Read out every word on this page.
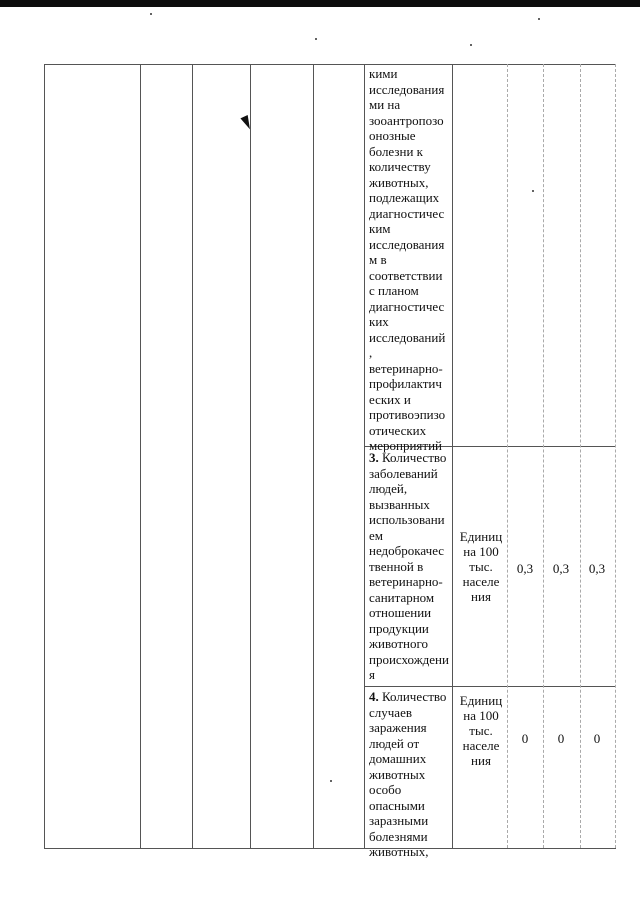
кими
исследования
ми на
зооантропозо
онозные
болезни к
количеству
животных,
подлежащих
диагностичес
ким
исследования
м в
соответствии
с планом
диагностичес
ких
исследований
,
ветеринарно-
профилактич
еских и
противоэпизо
отических
мероприятий
3. Количество
заболеваний
людей,
вызванных
использовани
ем
недоброкачес
твенной в
ветеринарно-
санитарном
отношении
продукции
животного
происхождени
я
Единиц
на 100
тыс.
населе
ния
0,3	0,3	0,3
4. Количество
случаев
заражения
людей от
домашних
животных
особо
опасными
заразными
болезнями
животных,
Единиц
на 100
тыс.
населе
ния
0	0	0
